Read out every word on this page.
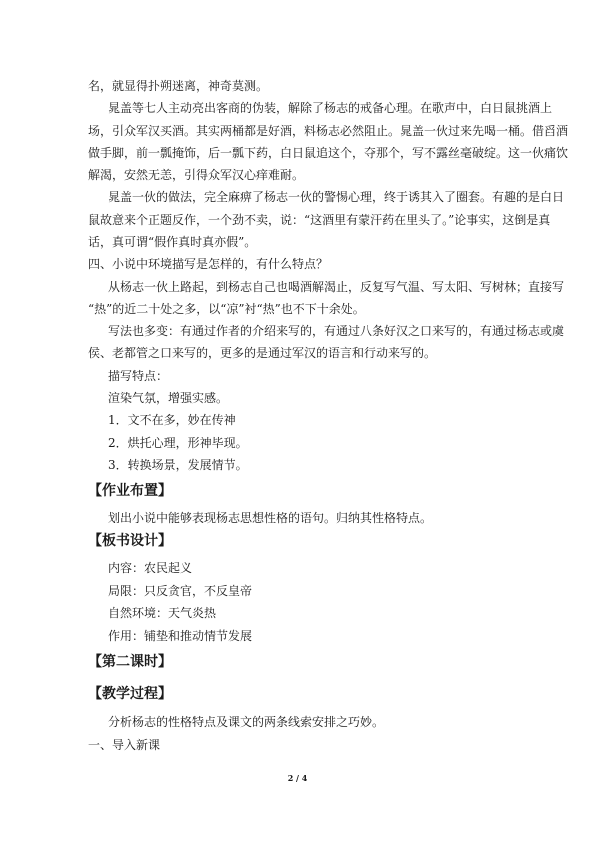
名，就显得扑朔迷离，神奇莫测。
晁盖等七人主动亮出客商的伪装，解除了杨志的戒备心理。在歌声中，白日鼠挑酒上
场，引众军汉买酒。其实两桶都是好酒，料杨志必然阻止。晁盖一伙过来先喝一桶。借舀酒
做手脚，前一瓢掩饰，后一瓢下药，白日鼠追这个，夺那个，写不露丝毫破绽。这一伙痛饮
解渴，安然无恙，引得众军汉心痒难耐。
晁盖一伙的做法，完全麻痹了杨志一伙的警惕心理，终于诱其入了圈套。有趣的是白日
鼠故意来个正题反作，一个劲不卖，说：“这酒里有蒙汗药在里头了。”论事实，这倒是真
话，真可谓“假作真时真亦假”。
四、小说中环境描写是怎样的，有什么特点？
从杨志一伙上路起，到杨志自己也喝酒解渴止，反复写气温、写太阳、写树林；直接写
“热”的近二十处之多，以“凉”衬“热”也不下十余处。
写法也多变：有通过作者的介绍来写的，有通过八条好汉之口来写的，有通过杨志或虞
侯、老都管之口来写的，更多的是通过军汉的语言和行动来写的。
描写特点：
渲染气氛，增强实感。
1．文不在多，妙在传神
2．烘托心理，形神毕现。
3．转换场景，发展情节。
【作业布置】
划出小说中能够表现杨志思想性格的语句。归纳其性格特点。
【板书设计】
内容：农民起义
局限：只反贪官，不反皇帝
自然环境：天气炎热
作用：铺垫和推动情节发展
【第二课时】
【教学过程】
分析杨志的性格特点及课文的两条线索安排之巧妙。
一、导入新课
2 / 4
